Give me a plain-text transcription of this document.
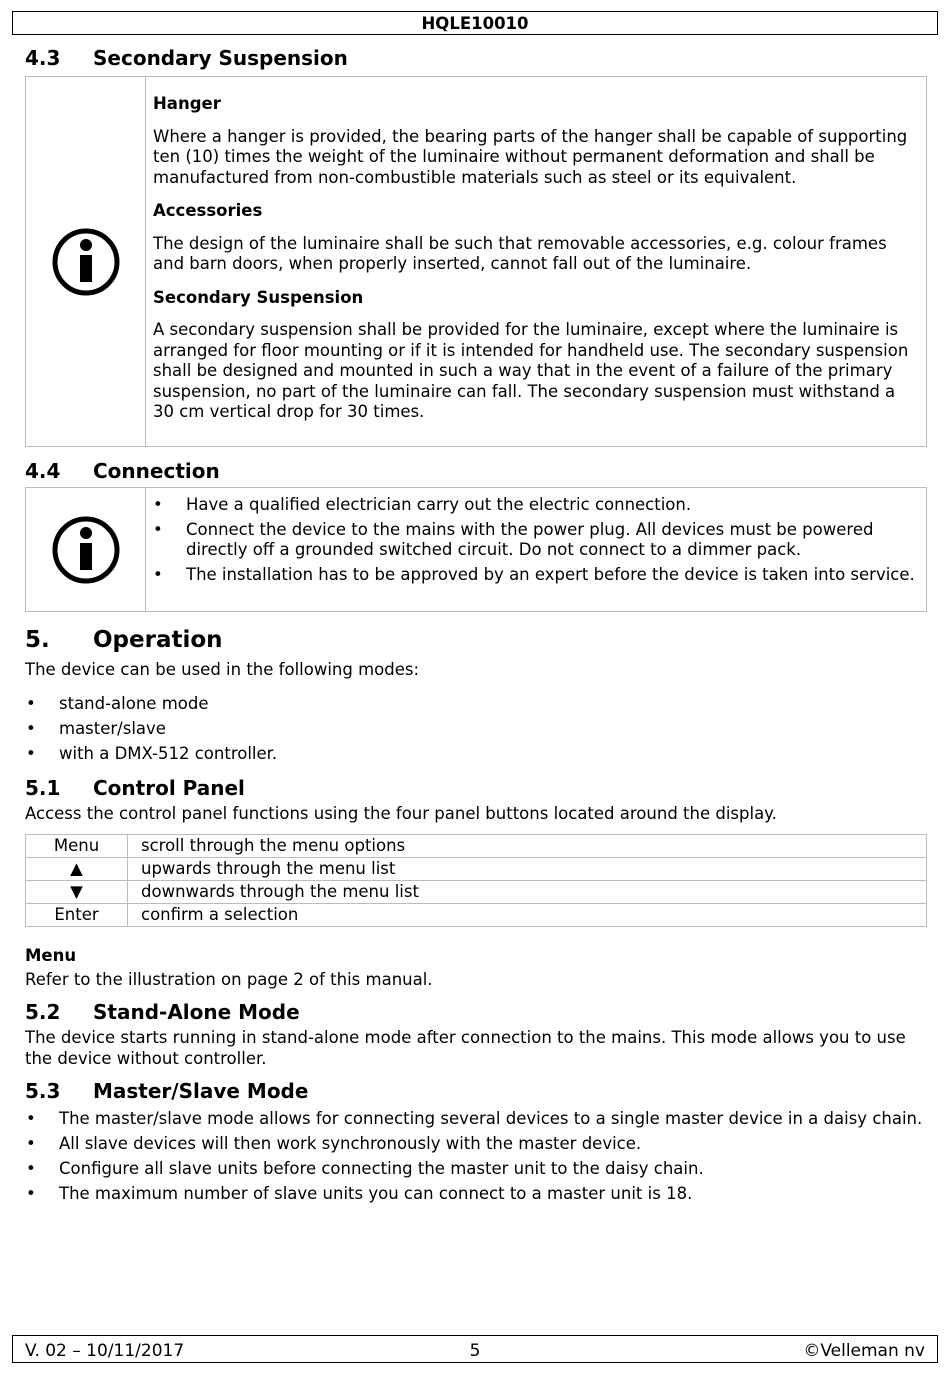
HQLE10010
4.3 Secondary Suspension
Hanger

Where a hanger is provided, the bearing parts of the hanger shall be capable of supporting ten (10) times the weight of the luminaire without permanent deformation and shall be manufactured from non-combustible materials such as steel or its equivalent.

Accessories

The design of the luminaire shall be such that removable accessories, e.g. colour frames and barn doors, when properly inserted, cannot fall out of the luminaire.

Secondary Suspension

A secondary suspension shall be provided for the luminaire, except where the luminaire is arranged for floor mounting or if it is intended for handheld use. The secondary suspension shall be designed and mounted in such a way that in the event of a failure of the primary suspension, no part of the luminaire can fall. The secondary suspension must withstand a 30 cm vertical drop for 30 times.

4.4 Connection
• Have a qualified electrician carry out the electric connection.
• Connect the device to the mains with the power plug. All devices must be powered directly off a grounded switched circuit. Do not connect to a dimmer pack.
• The installation has to be approved by an expert before the device is taken into service.
5. Operation
The device can be used in the following modes:
• stand-alone mode
• master/slave
• with a DMX-512 controller.
5.1 Control Panel
Access the control panel functions using the four panel buttons located around the display.
Menu	scroll through the menu options
▲	upwards through the menu list
▼	downwards through the menu list
Enter	confirm a selection
Menu
Refer to the illustration on page 2 of this manual.
5.2 Stand-Alone Mode
The device starts running in stand-alone mode after connection to the mains. This mode allows you to use the device without controller.
5.3 Master/Slave Mode
• The master/slave mode allows for connecting several devices to a single master device in a daisy chain.
• All slave devices will then work synchronously with the master device.
• Configure all slave units before connecting the master unit to the daisy chain.
• The maximum number of slave units you can connect to a master unit is 18.
V. 02 – 10/11/2017	5	©Velleman nv
